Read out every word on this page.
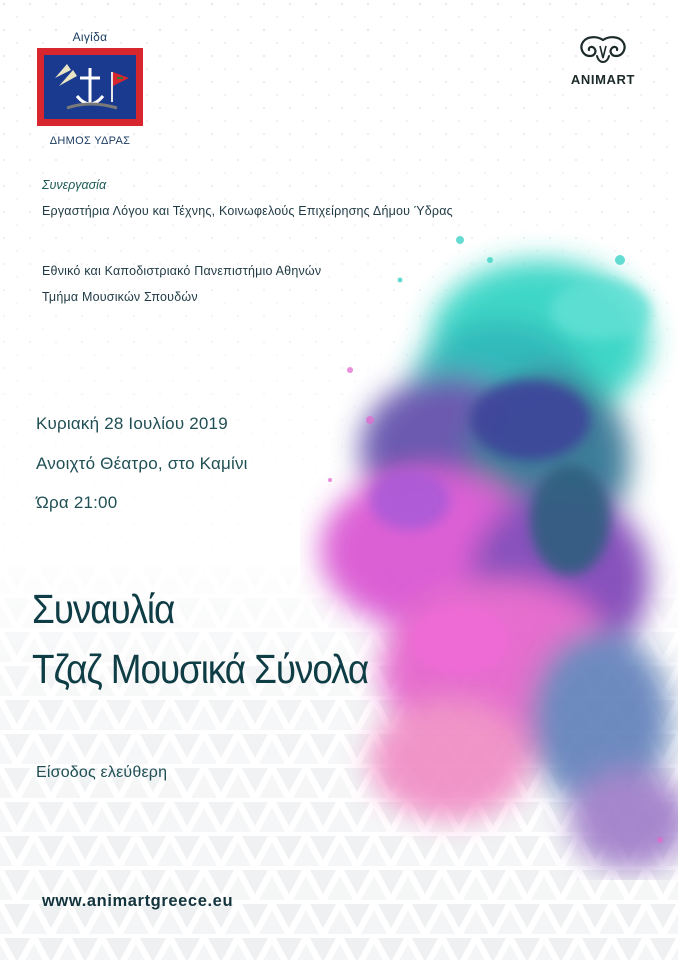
Αιγίδα
ΔΗΜΟΣ ΥΔΡΑΣ
ANIMART
Συνεργασία
Εργαστήρια Λόγου και Τέχνης, Κοινωφελούς Επιχείρησης Δήμου Ύδρας
Εθνικό και Καποδιστριακό Πανεπιστήμιο Αθηνών
Τμήμα Μουσικών Σπουδών
Κυριακή 28 Ιουλίου 2019
Ανοιχτό Θέατρο, στο Καμίνι
Ώρα 21:00
Συναυλία
Τζαζ Μουσικά Σύνολα
Είσοδος ελεύθερη
www.animartgreece.eu
